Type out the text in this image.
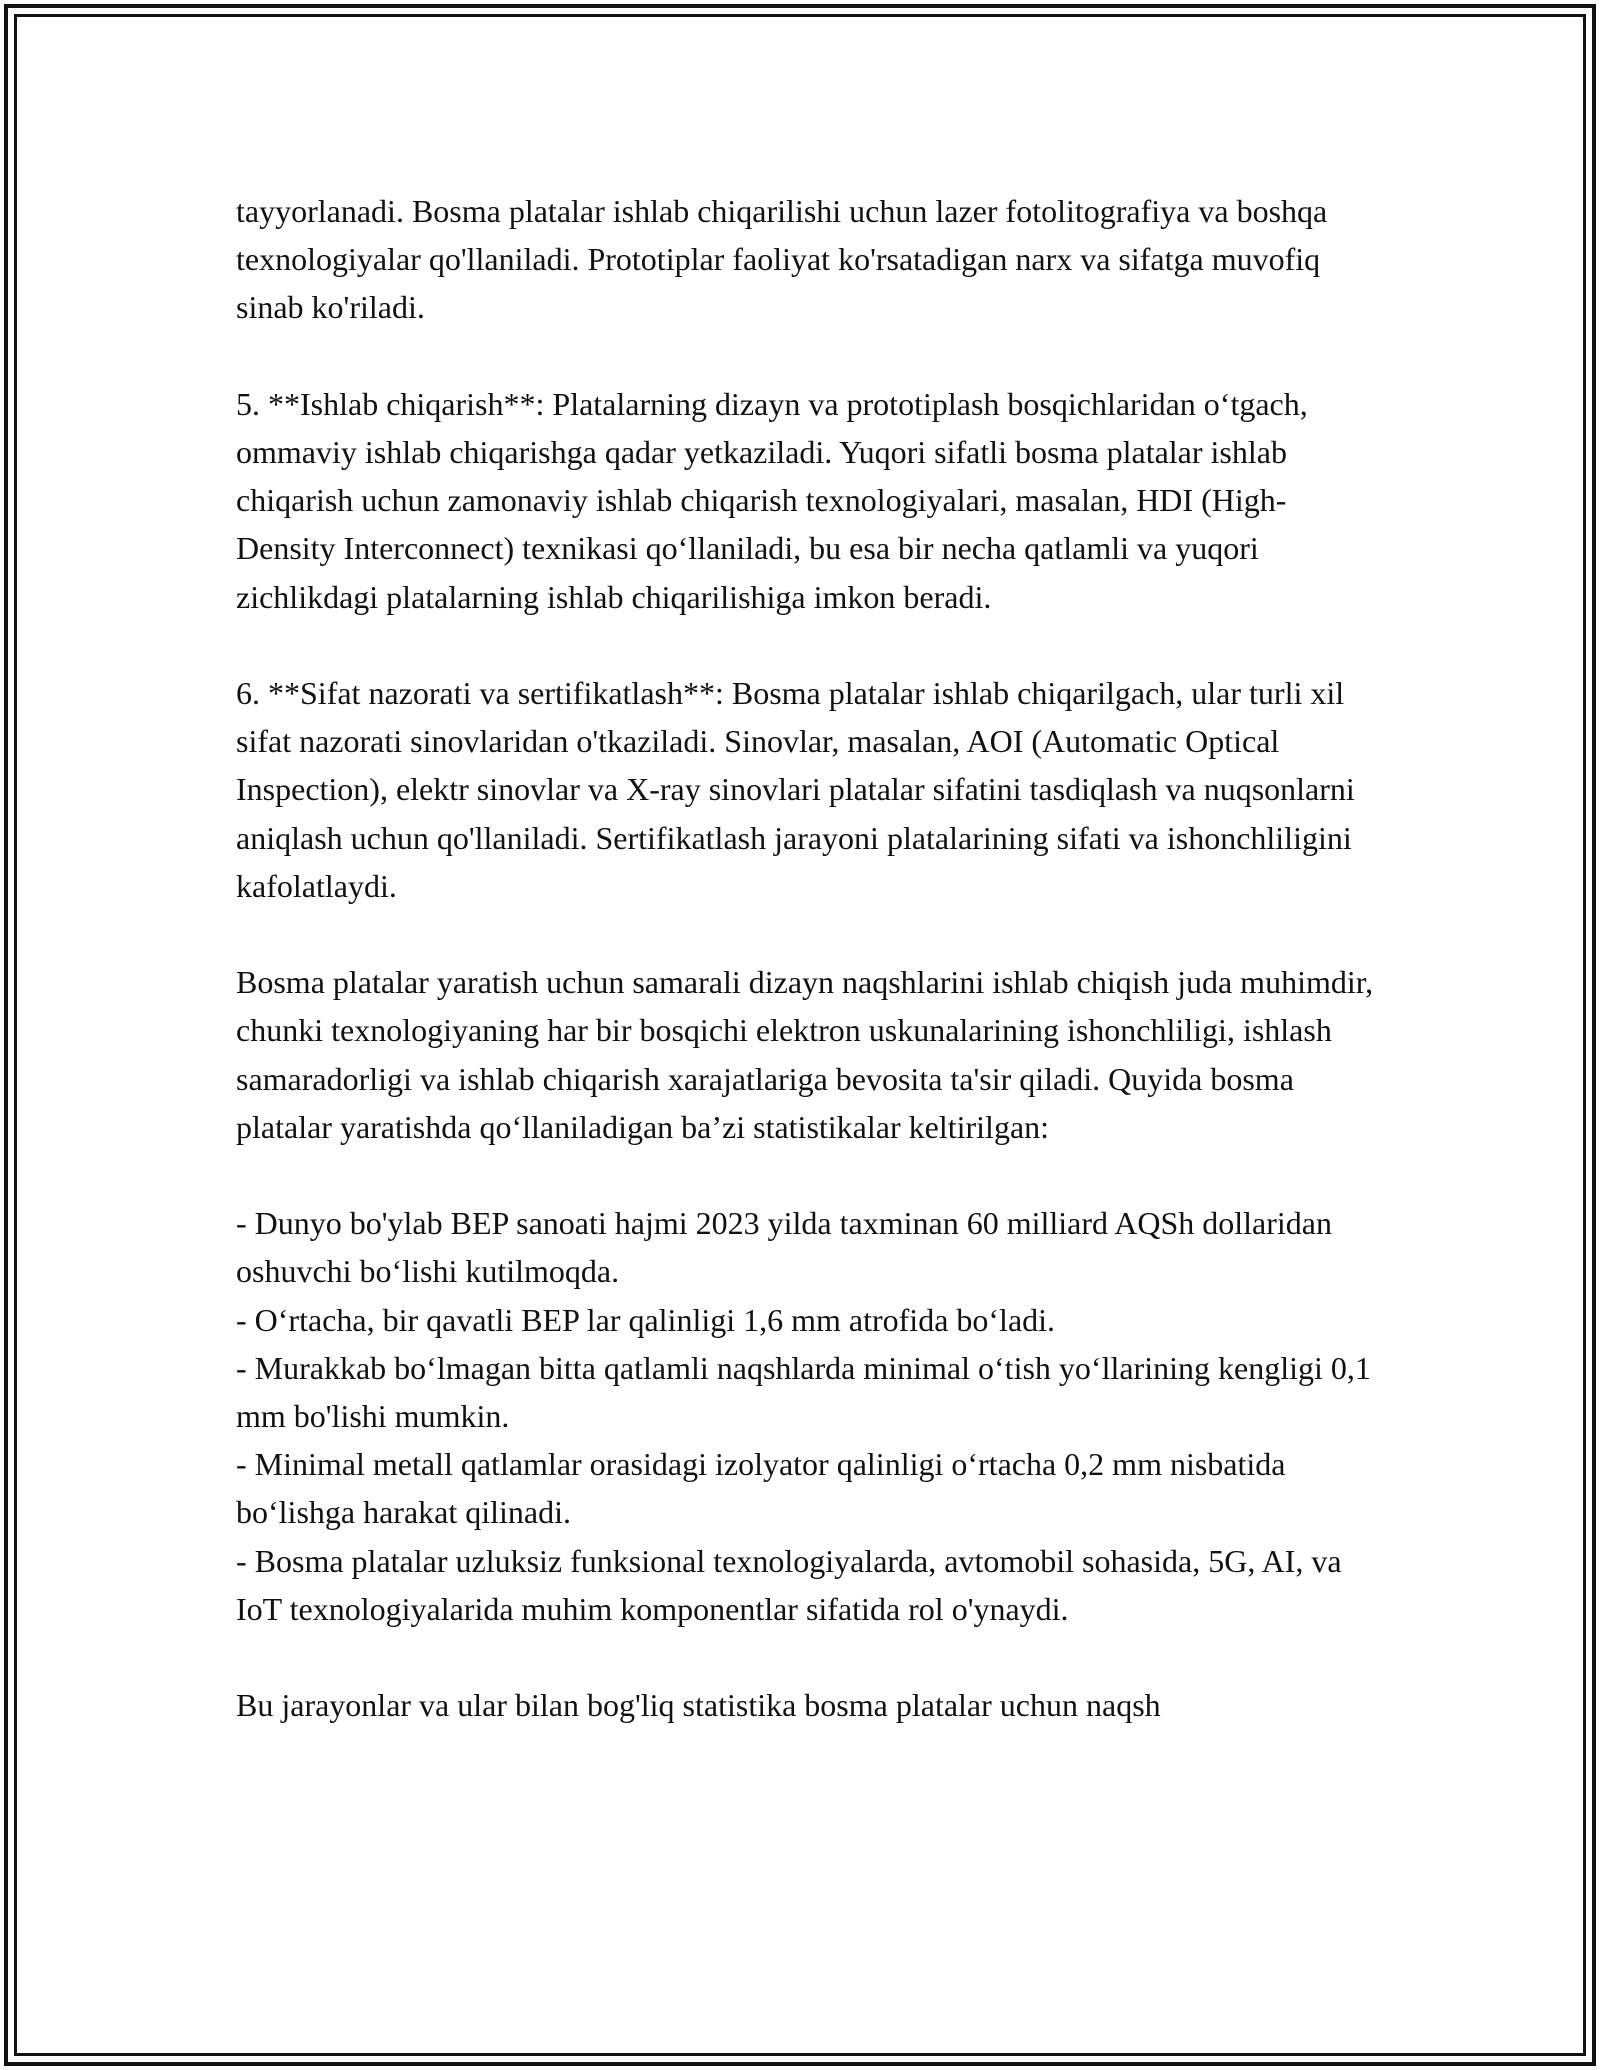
tayyorlanadi. Bosma platalar ishlab chiqarilishi uchun lazer fotolitografiya va boshqa texnologiyalar qo'llaniladi. Prototiplar faoliyat ko'rsatadigan narx va sifatga muvofiq sinab ko'riladi.

5. **Ishlab chiqarish**: Platalarning dizayn va prototiplash bosqichlaridan o‘tgach, ommaviy ishlab chiqarishga qadar yetkaziladi. Yuqori sifatli bosma platalar ishlab chiqarish uchun zamonaviy ishlab chiqarish texnologiyalari, masalan, HDI (High-Density Interconnect) texnikasi qo‘llaniladi, bu esa bir necha qatlamli va yuqori zichlikdagi platalarning ishlab chiqarilishiga imkon beradi.

6. **Sifat nazorati va sertifikatlash**: Bosma platalar ishlab chiqarilgach, ular turli xil sifat nazorati sinovlaridan o'tkaziladi. Sinovlar, masalan, AOI (Automatic Optical Inspection), elektr sinovlar va X-ray sinovlari platalar sifatini tasdiqlash va nuqsonlarni aniqlash uchun qo'llaniladi. Sertifikatlash jarayoni platalarining sifati va ishonchliligini kafolatlaydi.

Bosma platalar yaratish uchun samarali dizayn naqshlarini ishlab chiqish juda muhimdir, chunki texnologiyaning har bir bosqichi elektron uskunalarining ishonchliligi, ishlash samaradorligi va ishlab chiqarish xarajatlariga bevosita ta'sir qiladi. Quyida bosma platalar yaratishda qo‘llaniladigan ba’zi statistikalar keltirilgan:

- Dunyo bo'ylab BEP sanoati hajmi 2023 yilda taxminan 60 milliard AQSh dollaridan oshuvchi bo‘lishi kutilmoqda.

- O‘rtacha, bir qavatli BEP lar qalinligi 1,6 mm atrofida bo‘ladi.

- Murakkab bo‘lmagan bitta qatlamli naqshlarda minimal o‘tish yo‘llarining kengligi 0,1 mm bo'lishi mumkin.

- Minimal metall qatlamlar orasidagi izolyator qalinligi o‘rtacha 0,2 mm nisbatida bo‘lishga harakat qilinadi.

- Bosma platalar uzluksiz funksional texnologiyalarda, avtomobil sohasida, 5G, AI, va IoT texnologiyalarida muhim komponentlar sifatida rol o'ynaydi.

Bu jarayonlar va ular bilan bog'liq statistika bosma platalar uchun naqsh
